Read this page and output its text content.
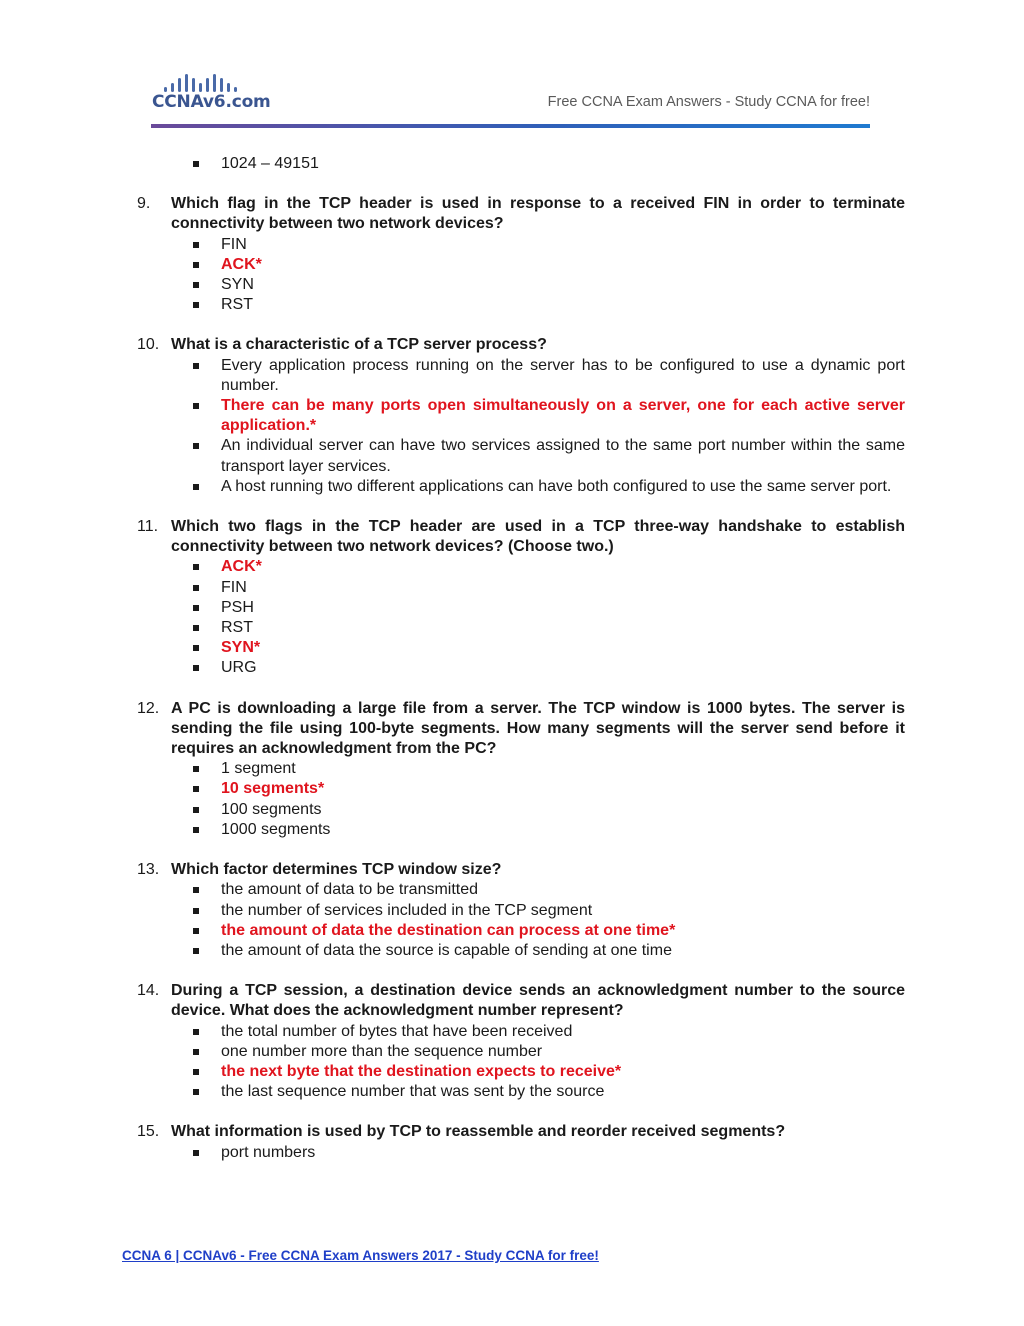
CCNAv6.com	Free CCNA Exam Answers - Study CCNA for free!
1024 – 49151
9.	Which flag in the TCP header is used in response to a received FIN in order to terminate connectivity between two network devices?
FIN
ACK*
SYN
RST
10. What is a characteristic of a TCP server process?
Every application process running on the server has to be configured to use a dynamic port number.
There can be many ports open simultaneously on a server, one for each active server application.*
An individual server can have two services assigned to the same port number within the same transport layer services.
A host running two different applications can have both configured to use the same server port.
11. Which two flags in the TCP header are used in a TCP three-way handshake to establish connectivity between two network devices? (Choose two.)
ACK*
FIN
PSH
RST
SYN*
URG
12. A PC is downloading a large file from a server. The TCP window is 1000 bytes. The server is sending the file using 100-byte segments. How many segments will the server send before it requires an acknowledgment from the PC?
1 segment
10 segments*
100 segments
1000 segments
13. Which factor determines TCP window size?
the amount of data to be transmitted
the number of services included in the TCP segment
the amount of data the destination can process at one time*
the amount of data the source is capable of sending at one time
14. During a TCP session, a destination device sends an acknowledgment number to the source device. What does the acknowledgment number represent?
the total number of bytes that have been received
one number more than the sequence number
the next byte that the destination expects to receive*
the last sequence number that was sent by the source
15. What information is used by TCP to reassemble and reorder received segments?
port numbers
CCNA 6 | CCNAv6 - Free CCNA Exam Answers 2017 - Study CCNA for free!
